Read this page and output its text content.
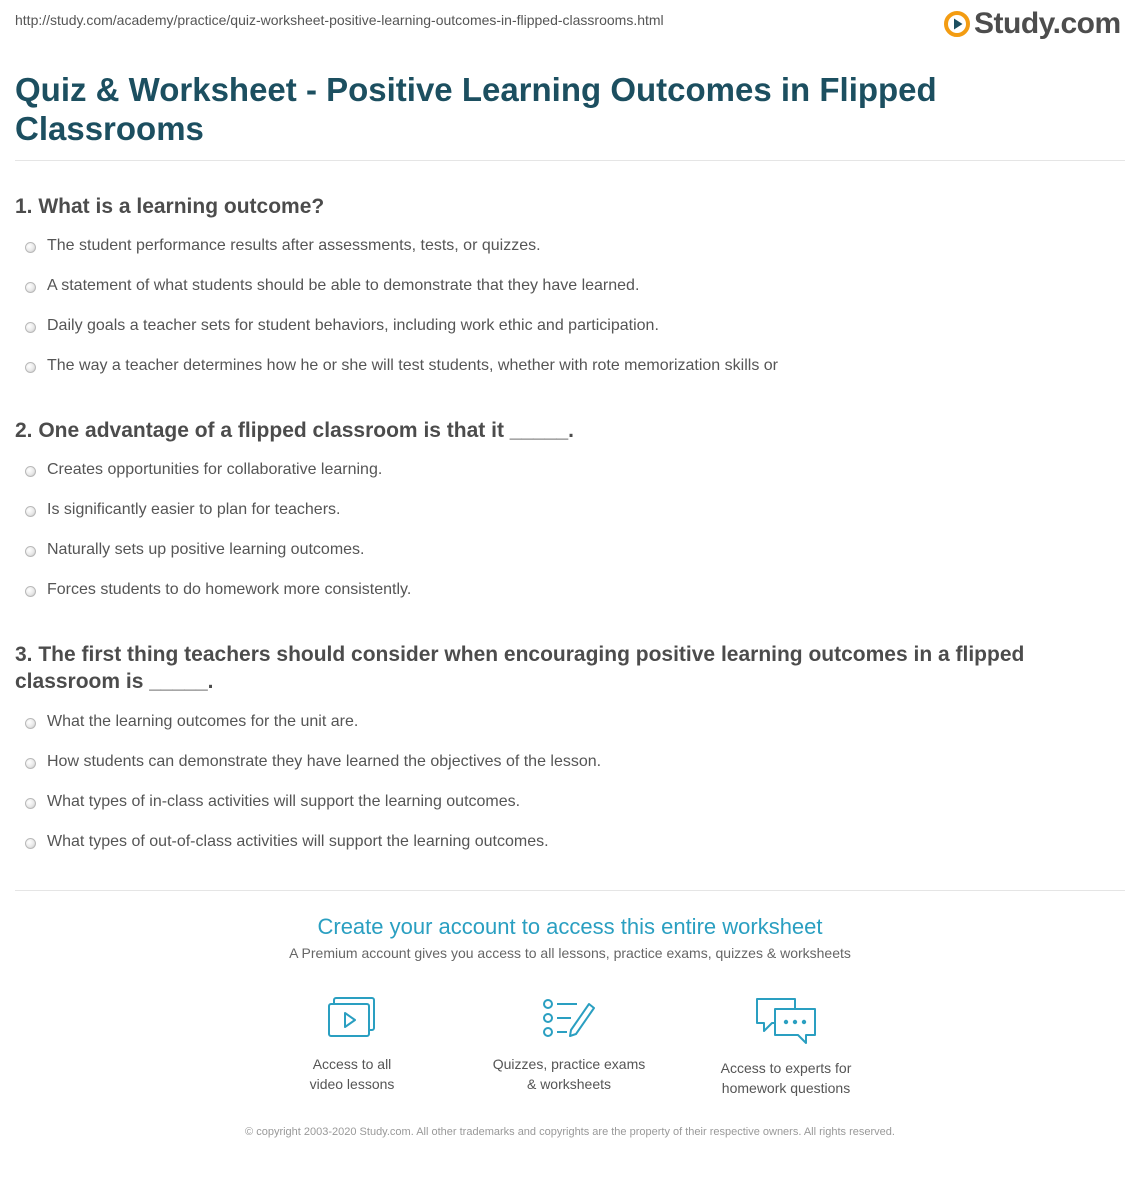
http://study.com/academy/practice/quiz-worksheet-positive-learning-outcomes-in-flipped-classrooms.html	Study.com
Quiz & Worksheet - Positive Learning Outcomes in Flipped Classrooms

1. What is a learning outcome?

The student performance results after assessments, tests, or quizzes.
A statement of what students should be able to demonstrate that they have learned.
Daily goals a teacher sets for student behaviors, including work ethic and participation.
The way a teacher determines how he or she will test students, whether with rote memorization skills or

2. One advantage of a flipped classroom is that it _____.

Creates opportunities for collaborative learning.
Is significantly easier to plan for teachers.
Naturally sets up positive learning outcomes.
Forces students to do homework more consistently.

3. The first thing teachers should consider when encouraging positive learning outcomes in a flipped classroom is _____.

What the learning outcomes for the unit are.
How students can demonstrate they have learned the objectives of the lesson.
What types of in-class activities will support the learning outcomes.
What types of out-of-class activities will support the learning outcomes.
Create your account to access this entire worksheet
A Premium account gives you access to all lessons, practice exams, quizzes & worksheets
Access to all
video lessons
Quizzes, practice exams
& worksheets
Access to experts for
homework questions
© copyright 2003-2020 Study.com. All other trademarks and copyrights are the property of their respective owners. All rights reserved.
